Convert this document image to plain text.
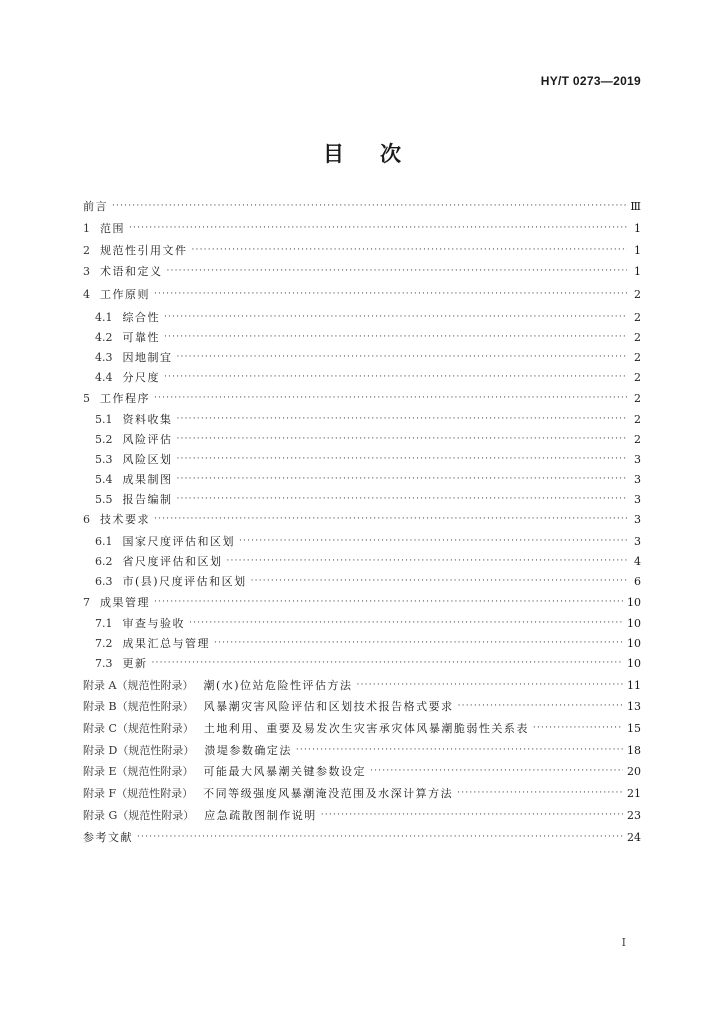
HY/T 0273—2019
目次
前言 ·····	Ⅲ
1 范围 ·····	1
2 规范性引用文件 ·····	1
3 术语和定义 ·····	1
4 工作原则 ·····	2
4.1 综合性 ·····	2
4.2 可靠性 ·····	2
4.3 因地制宜 ·····	2
4.4 分尺度 ·····	2
5 工作程序 ·····	2
5.1 资料收集 ·····	2
5.2 风险评估 ·····	2
5.3 风险区划 ·····	3
5.4 成果制图 ·····	3
5.5 报告编制 ·····	3
6 技术要求 ·····	3
6.1 国家尺度评估和区划 ·····	3
6.2 省尺度评估和区划 ·····	4
6.3 市(县)尺度评估和区划 ·····	6
7 成果管理 ·····	10
7.1 审查与验收 ·····	10
7.2 成果汇总与管理 ·····	10
7.3 更新 ·····	10
附录 A（规范性附录） 潮(水)位站危险性评估方法 ·····	11
附录 B（规范性附录） 风暴潮灾害风险评估和区划技术报告格式要求 ·····	13
附录 C（规范性附录） 土地利用、重要及易发次生灾害承灾体风暴潮脆弱性关系表 ·····	15
附录 D（规范性附录） 溃堤参数确定法 ·····	18
附录 E（规范性附录） 可能最大风暴潮关键参数设定 ·····	20
附录 F（规范性附录） 不同等级强度风暴潮淹没范围及水深计算方法 ·····	21
附录 G（规范性附录） 应急疏散图制作说明 ·····	23
参考文献 ·····	24
Ⅰ
